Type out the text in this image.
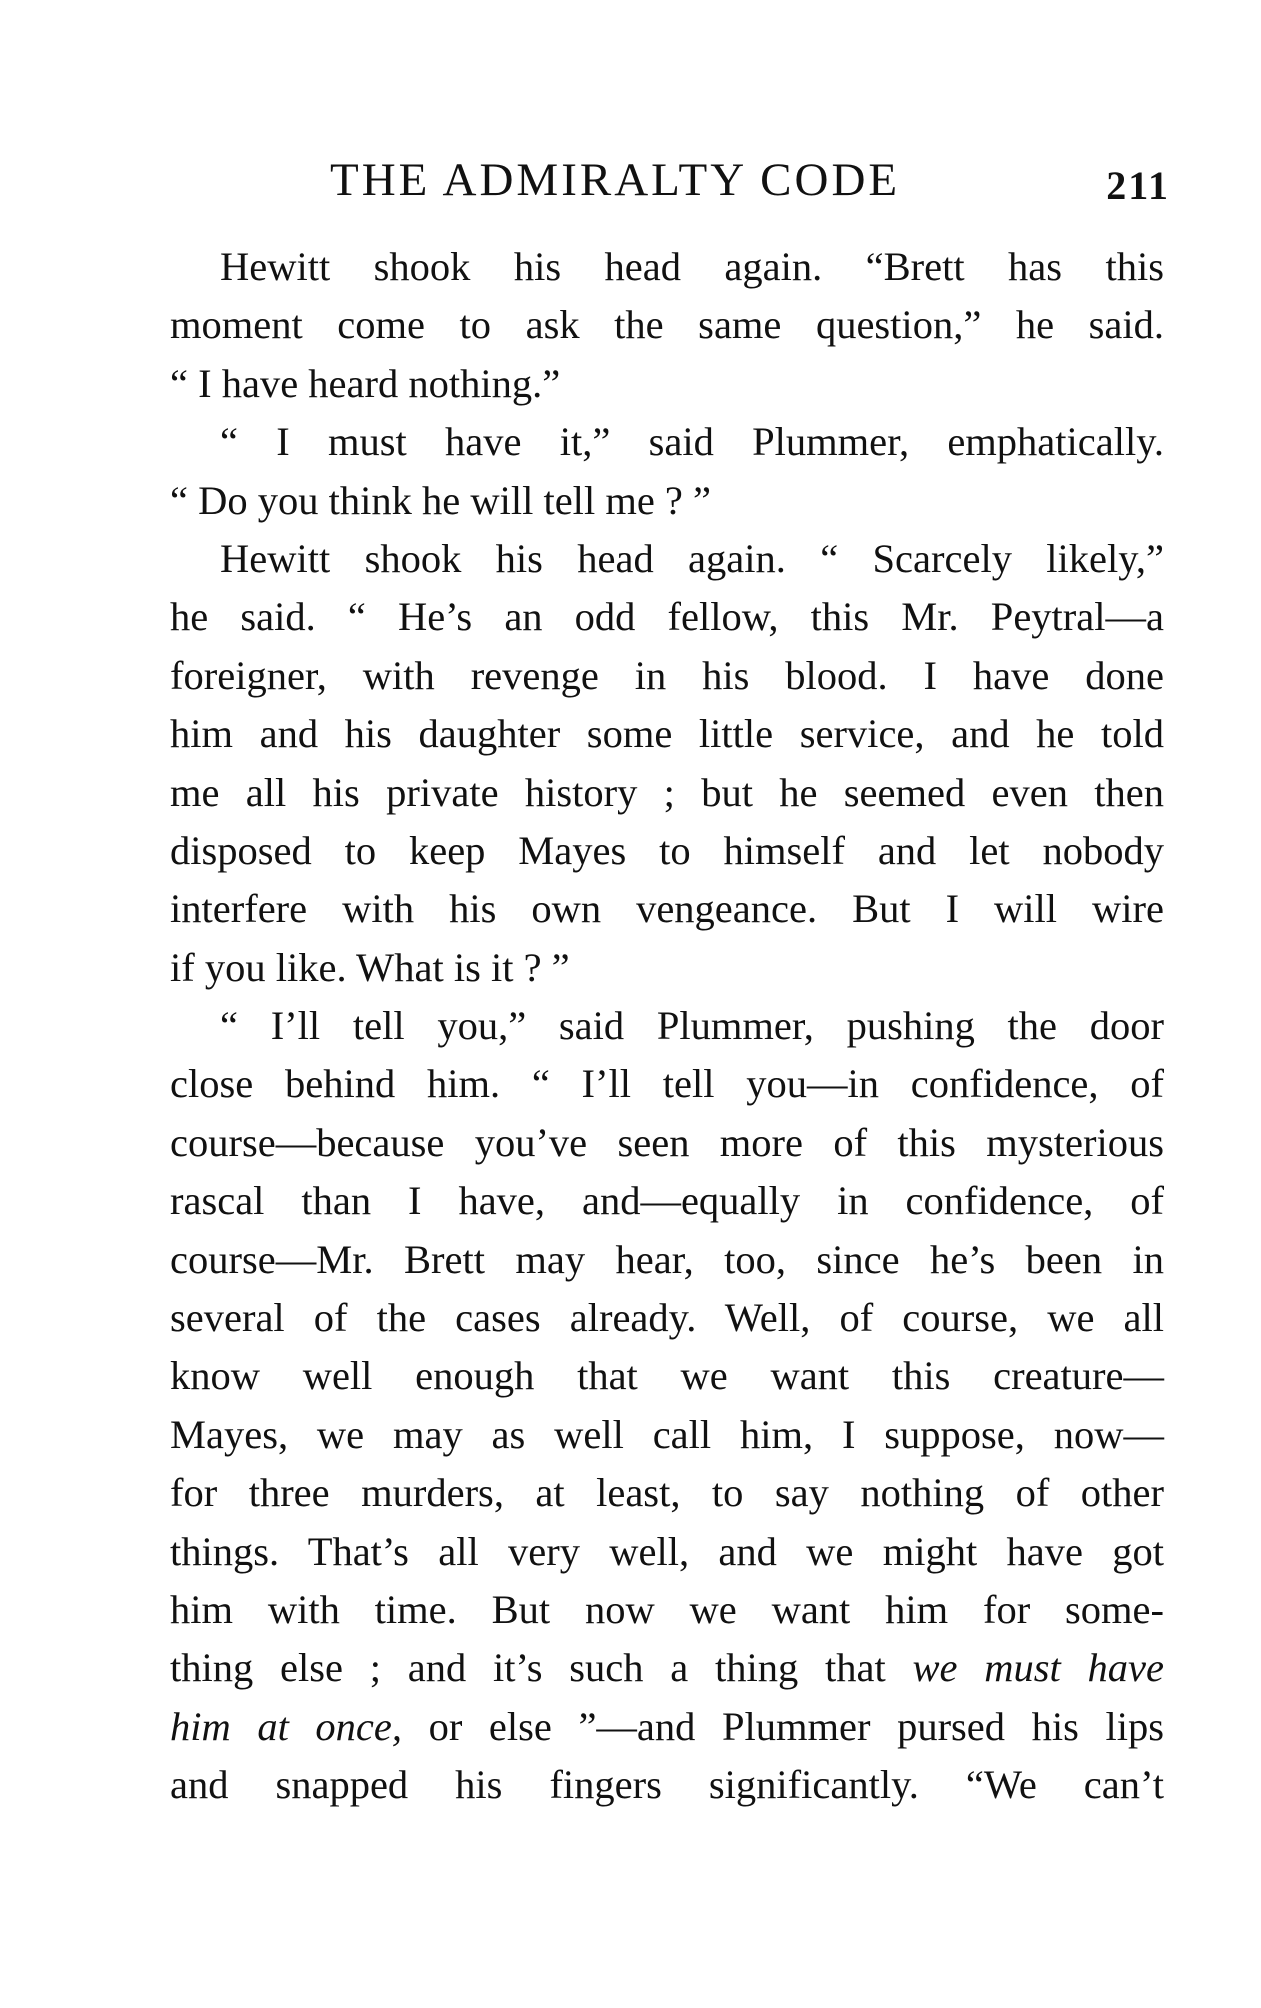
THE ADMIRALTY CODE	211
Hewitt shook his head again. “Brett has this
moment come to ask the same question,” he said.
“ I have heard nothing.”
“ I must have it,” said Plummer, emphatically.
“ Do you think he will tell me ? ”
Hewitt shook his head again. “ Scarcely likely,”
he said. “ He’s an odd fellow, this Mr. Peytral—a
foreigner, with revenge in his blood. I have done
him and his daughter some little service, and he told
me all his private history ; but he seemed even then
disposed to keep Mayes to himself and let nobody
interfere with his own vengeance. But I will wire
if you like. What is it ? ”
“ I’ll tell you,” said Plummer, pushing the door
close behind him. “ I’ll tell you—in confidence, of
course—because you’ve seen more of this mysterious
rascal than I have, and—equally in confidence, of
course—Mr. Brett may hear, too, since he’s been in
several of the cases already. Well, of course, we all
know well enough that we want this creature—
Mayes, we may as well call him, I suppose, now—
for three murders, at least, to say nothing of other
things. That’s all very well, and we might have got
him with time. But now we want him for some-
thing else ; and it’s such a thing that we must have
him at once, or else ”—and Plummer pursed his lips
and snapped his fingers significantly. “We can’t
